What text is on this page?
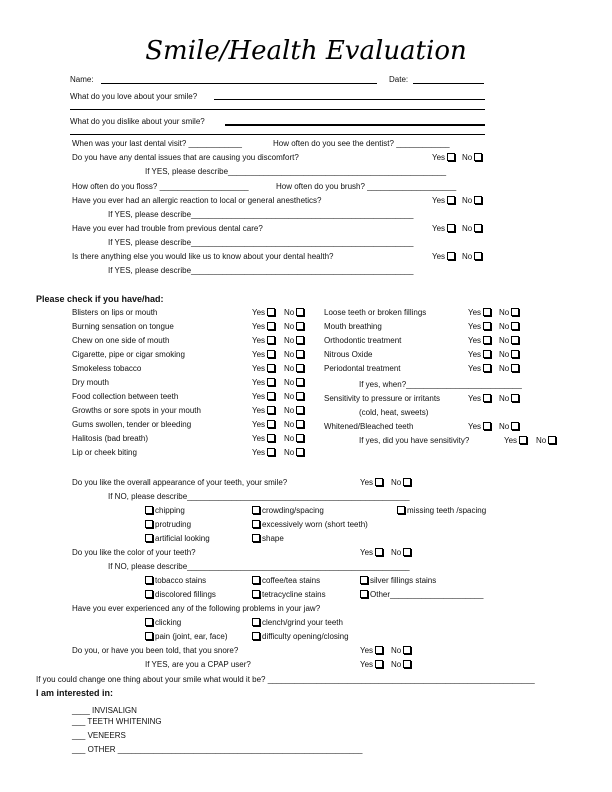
Smile/Health Evaluation
Name:	Date:
What do you love about your smile?
What do you dislike about your smile?
When was your last dental visit? ____________	How often do you see the dentist? ____________
Do you have any dental issues that are causing you discomfort?	Yes	No
If YES, please describe_________________________________________________
How often do you floss? ____________________	How often do you brush? ____________________
Have you ever had an allergic reaction to local or general anesthetics?	Yes	No
If YES, please describe__________________________________________________
Have you ever had trouble from previous dental care?	Yes	No
If YES, please describe__________________________________________________
Is there anything else you would like us to know about your dental health?	Yes	No
If YES, please describe__________________________________________________
Please check if you have/had:
Blisters on lips or mouth	Yes	No
Burning sensation on tongue	Yes	No
Chew on one side of mouth	Yes	No
Cigarette, pipe or cigar smoking	Yes	No
Smokeless tobacco	Yes	No
Dry mouth	Yes	No
Food collection between teeth	Yes	No
Growths or sore spots in your mouth	Yes	No
Gums swollen, tender or bleeding	Yes	No
Halitosis (bad breath)	Yes	No
Lip or cheek biting	Yes	No
Loose teeth or broken fillings	Yes	No
Mouth breathing	Yes	No
Orthodontic treatment	Yes	No
Nitrous Oxide	Yes	No
Periodontal treatment	Yes	No
If yes, when?__________________________
Sensitivity to pressure or irritants	Yes	No
(cold, heat, sweets)
Whitened/Bleached teeth	Yes	No
If yes, did you have sensitivity?	Yes	No
Do you like the overall appearance of your teeth, your smile?	Yes	No
If NO, please describe__________________________________________________
chipping	crowding/spacing	missing teeth /spacing
protruding	excessively worn (short teeth)
artificial looking	shape
Do you like the color of your teeth?	Yes	No
If NO, please describe__________________________________________________
tobacco stains	coffee/tea stains	silver fillings stains
discolored fillings	tetracycline stains	Other_____________________
Have you ever experienced any of the following problems in your jaw?
clicking	clench/grind your teeth
pain (joint, ear, face)	difficulty opening/closing
Do you, or have you been told, that you snore?	Yes	No
If YES, are you a CPAP user?	Yes	No
If you could change one thing about your smile what would it be? ____________________________________________________________
I am interested in:
____ INVISALIGN
___ TEETH WHITENING
___ VENEERS
___ OTHER _______________________________________________________
